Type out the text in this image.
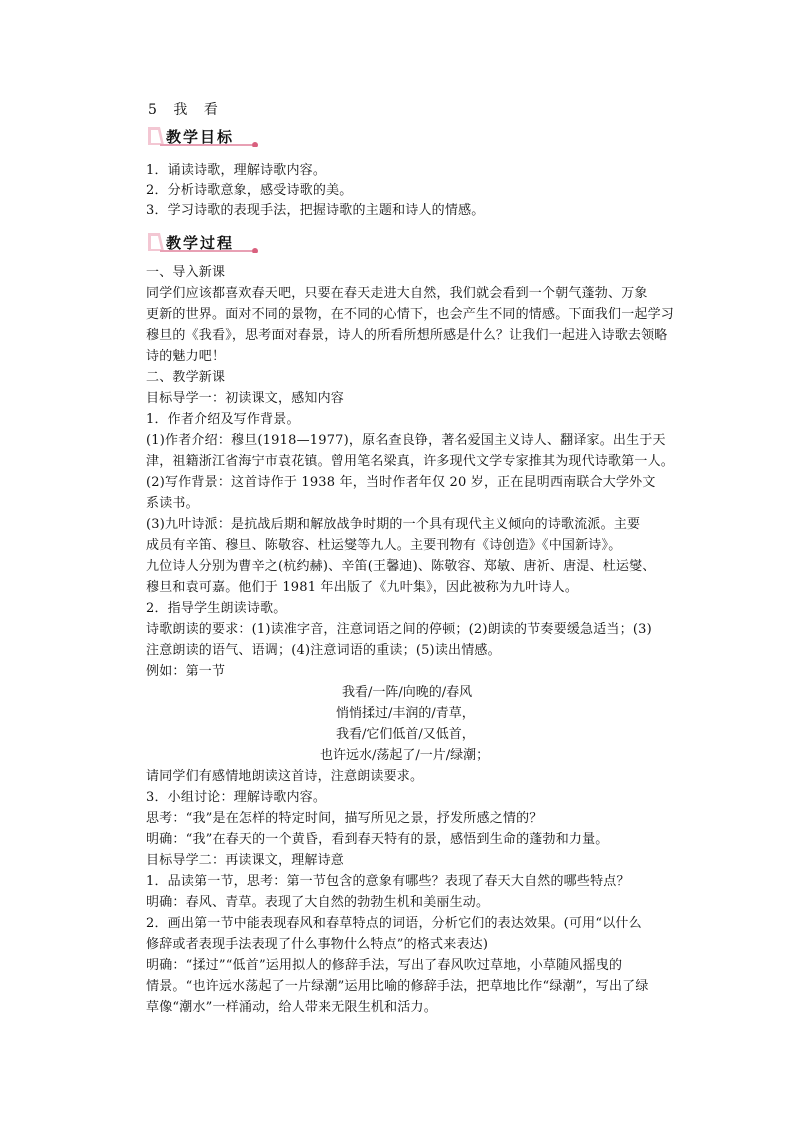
5 我 看
教学目标
1．诵读诗歌，理解诗歌内容。
2．分析诗歌意象，感受诗歌的美。
3．学习诗歌的表现手法，把握诗歌的主题和诗人的情感。
教学过程
一、导入新课
同学们应该都喜欢春天吧，只要在春天走进大自然，我们就会看到一个朝气蓬勃、万象
更新的世界。面对不同的景物，在不同的心情下，也会产生不同的情感。下面我们一起学习
穆旦的《我看》，思考面对春景，诗人的所看所想所感是什么？让我们一起进入诗歌去领略
诗的魅力吧！
二、教学新课
目标导学一：初读课文，感知内容
1．作者介绍及写作背景。
(1)作者介绍：穆旦(1918—1977)，原名查良铮，著名爱国主义诗人、翻译家。出生于天
津，祖籍浙江省海宁市袁花镇。曾用笔名梁真，许多现代文学专家推其为现代诗歌第一人。
(2)写作背景：这首诗作于 1938 年，当时作者年仅 20 岁，正在昆明西南联合大学外文
系读书。
(3)九叶诗派：是抗战后期和解放战争时期的一个具有现代主义倾向的诗歌流派。主要
成员有辛笛、穆旦、陈敬容、杜运燮等九人。主要刊物有《诗创造》《中国新诗》。
九位诗人分别为曹辛之(杭约赫)、辛笛(王馨迪)、陈敬容、郑敏、唐祈、唐湜、杜运燮、
穆旦和袁可嘉。他们于 1981 年出版了《九叶集》，因此被称为九叶诗人。
2．指导学生朗读诗歌。
诗歌朗读的要求：(1)读准字音，注意词语之间的停顿；(2)朗读的节奏要缓急适当；(3)
注意朗读的语气、语调；(4)注意词语的重读；(5)读出情感。
例如：第一节
我看/一阵/向晚的/春风
悄悄揉过/丰润的/青草，
我看/它们低首/又低首，
也许远水/荡起了/一片/绿潮；
请同学们有感情地朗读这首诗，注意朗读要求。
3．小组讨论：理解诗歌内容。
思考：“我”是在怎样的特定时间，描写所见之景，抒发所感之情的？
明确：“我”在春天的一个黄昏，看到春天特有的景，感悟到生命的蓬勃和力量。
目标导学二：再读课文，理解诗意
1．品读第一节，思考：第一节包含的意象有哪些？表现了春天大自然的哪些特点？
明确：春风、青草。表现了大自然的勃勃生机和美丽生动。
2．画出第一节中能表现春风和春草特点的词语，分析它们的表达效果。(可用“以什么
修辞或者表现手法表现了什么事物什么特点”的格式来表达)
明确：“揉过”“低首”运用拟人的修辞手法，写出了春风吹过草地，小草随风摇曳的
情景。“也许远水荡起了一片绿潮”运用比喻的修辞手法，把草地比作“绿潮”，写出了绿
草像“潮水”一样涌动，给人带来无限生机和活力。
